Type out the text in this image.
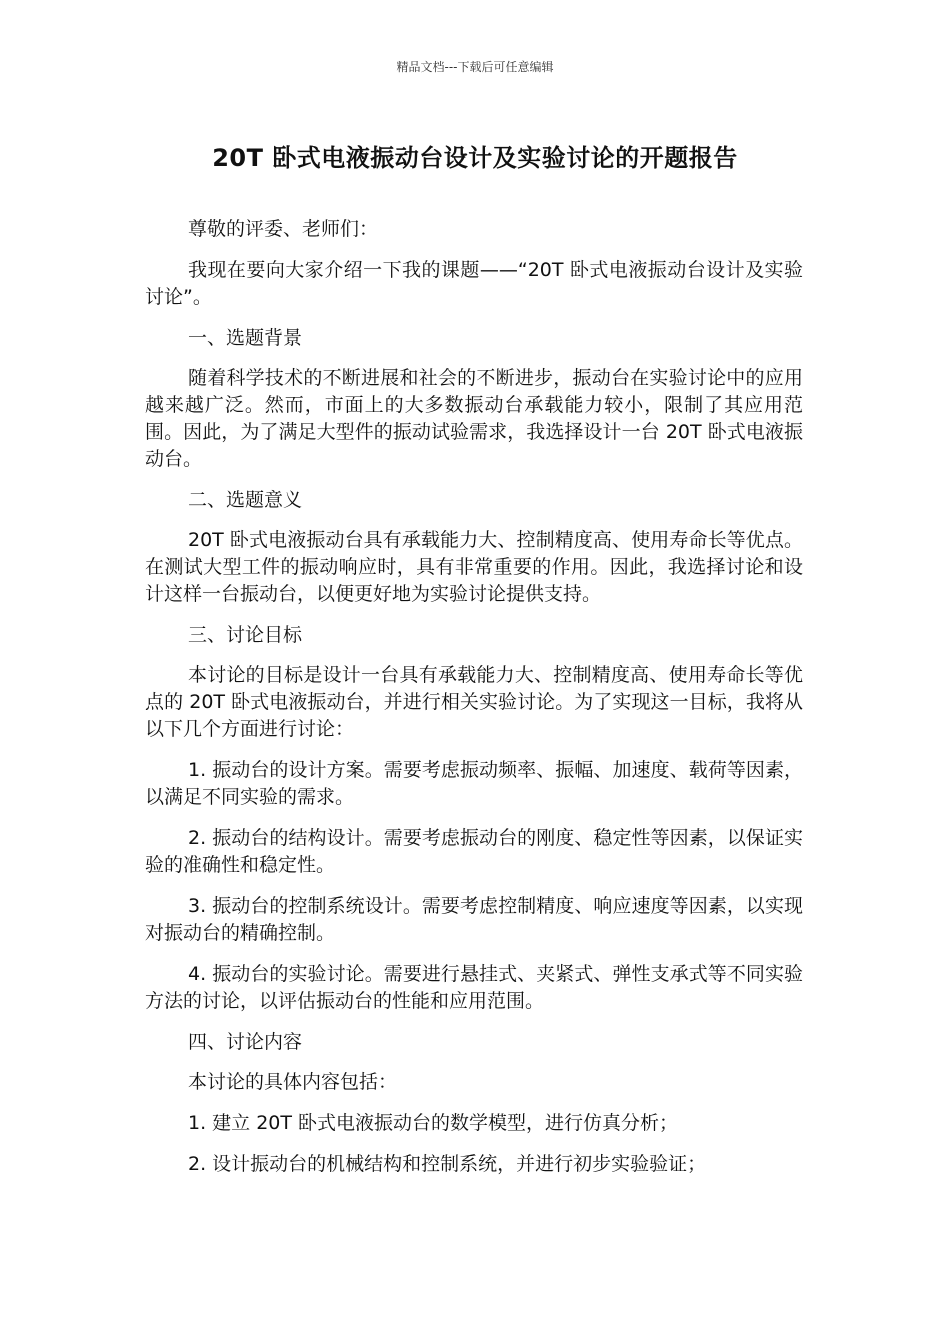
精品文档---下载后可任意编辑
20T 卧式电液振动台设计及实验讨论的开题报告

尊敬的评委、老师们：

我现在要向大家介绍一下我的课题——“20T 卧式电液振动台设计及实验讨论”。

一、选题背景

随着科学技术的不断进展和社会的不断进步，振动台在实验讨论中的应用越来越广泛。然而，市面上的大多数振动台承载能力较小，限制了其应用范围。因此，为了满足大型件的振动试验需求，我选择设计一台 20T 卧式电液振动台。

二、选题意义

20T 卧式电液振动台具有承载能力大、控制精度高、使用寿命长等优点。在测试大型工件的振动响应时，具有非常重要的作用。因此，我选择讨论和设计这样一台振动台，以便更好地为实验讨论提供支持。

三、讨论目标

本讨论的目标是设计一台具有承载能力大、控制精度高、使用寿命长等优点的 20T 卧式电液振动台，并进行相关实验讨论。为了实现这一目标，我将从以下几个方面进行讨论：

1. 振动台的设计方案。需要考虑振动频率、振幅、加速度、载荷等因素，以满足不同实验的需求。

2. 振动台的结构设计。需要考虑振动台的刚度、稳定性等因素，以保证实验的准确性和稳定性。

3. 振动台的控制系统设计。需要考虑控制精度、响应速度等因素，以实现对振动台的精确控制。

4. 振动台的实验讨论。需要进行悬挂式、夹紧式、弹性支承式等不同实验方法的讨论，以评估振动台的性能和应用范围。

四、讨论内容

本讨论的具体内容包括：

1. 建立 20T 卧式电液振动台的数学模型，进行仿真分析；

2. 设计振动台的机械结构和控制系统，并进行初步实验验证；
